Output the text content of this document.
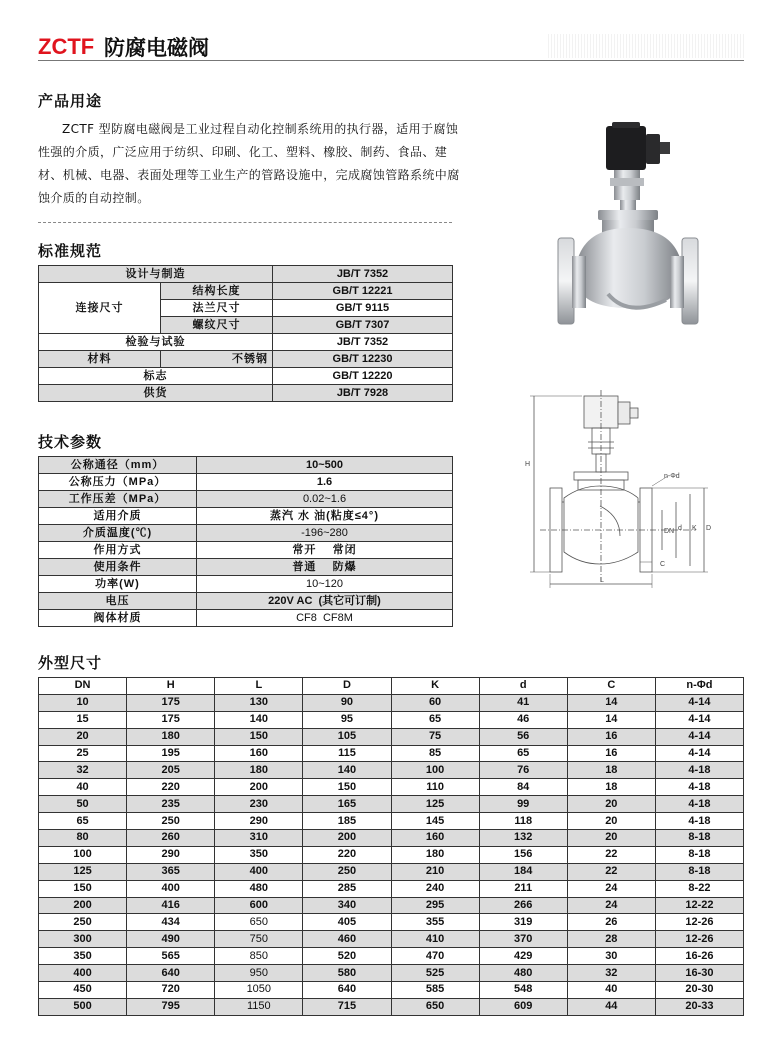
ZCTF 防腐电磁阀
产品用途
ZCTF 型防腐电磁阀是工业过程自动化控制系统用的执行器，适用于腐蚀性强的介质，广泛应用于纺织、印刷、化工、塑料、橡胶、制药、食品、建材、机械、电器、表面处理等工业生产的管路设施中，完成腐蚀管路系统中腐蚀介质的自动控制。
标准规范
设计与制造		JB/T 7352
连接尺寸	结构长度	GB/T 12221
	法兰尺寸	GB/T 9115
	螺纹尺寸	GB/T 7307
检验与试验		JB/T 7352
材料	不锈钢	GB/T 12230
标志		GB/T 12220
供货		JB/T 7928
H
n-Φd
DN d K D
C
L
技术参数
公称通径（mm）	10~500
公称压力（MPa）	1.6
工作压差（MPa）	0.02~1.6
适用介质	蒸汽 水 油(粘度≤4°)
介质温度(℃)	-196~280
作用方式	常开    常闭
使用条件	普通    防爆
功率(W)	10~120
电压	220V AC  (其它可订制)
阀体材质	CF8  CF8M
外型尺寸
DN	H	L	D	K	d	C	n-Φd
10	175	130	90	60	41	14	4-14
15	175	140	95	65	46	14	4-14
20	180	150	105	75	56	16	4-14
25	195	160	115	85	65	16	4-14
32	205	180	140	100	76	18	4-18
40	220	200	150	110	84	18	4-18
50	235	230	165	125	99	20	4-18
65	250	290	185	145	118	20	4-18
80	260	310	200	160	132	20	8-18
100	290	350	220	180	156	22	8-18
125	365	400	250	210	184	22	8-18
150	400	480	285	240	211	24	8-22
200	416	600	340	295	266	24	12-22
250	434	650	405	355	319	26	12-26
300	490	750	460	410	370	28	12-26
350	565	850	520	470	429	30	16-26
400	640	950	580	525	480	32	16-30
450	720	1050	640	585	548	40	20-30
500	795	1150	715	650	609	44	20-33
